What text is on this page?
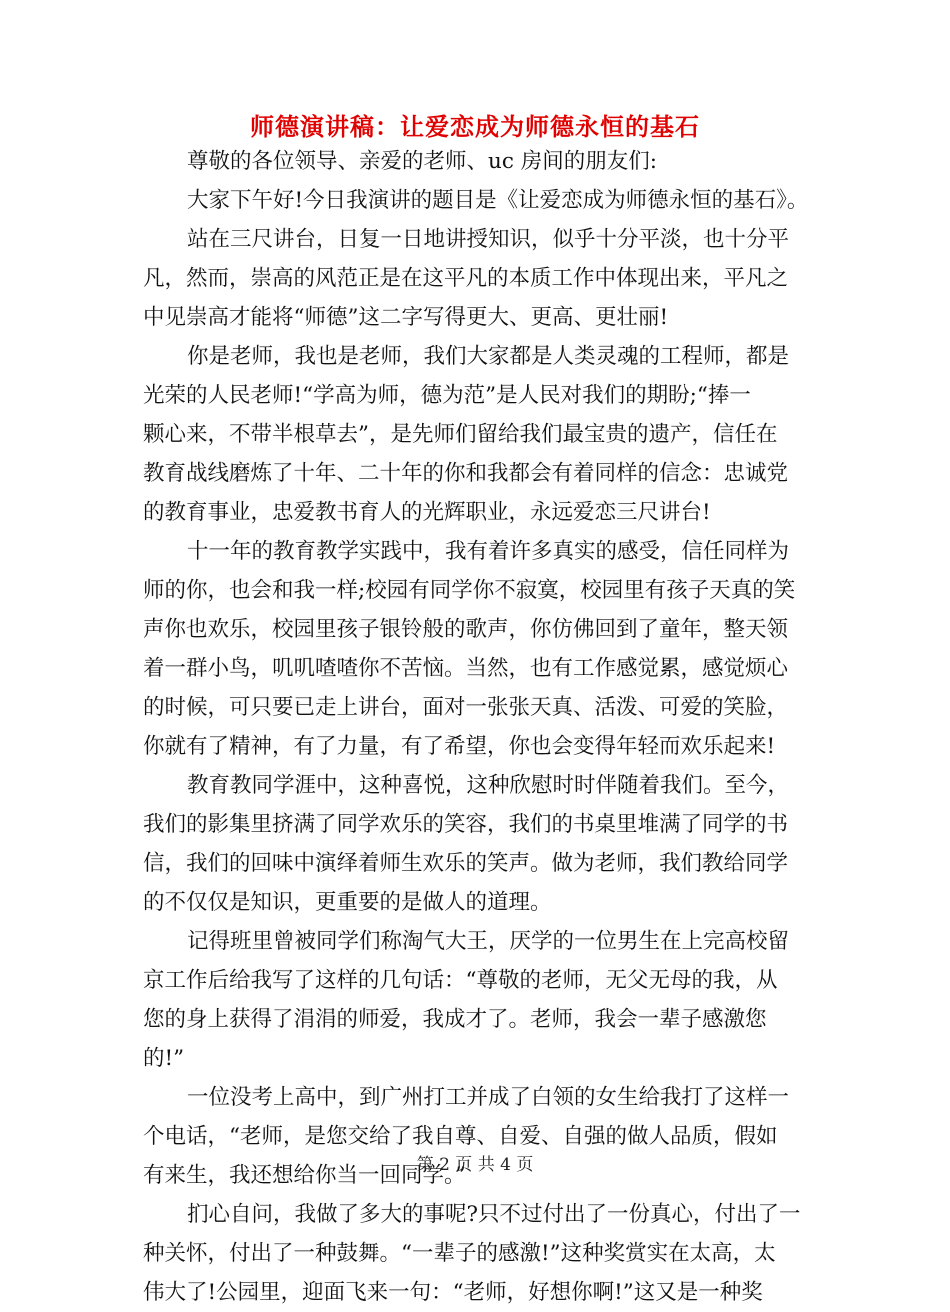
师德演讲稿：让爱恋成为师德永恒的基石
尊敬的各位领导、亲爱的老师、uc 房间的朋友们:
大家下午好!今日我演讲的题目是《让爱恋成为师德永恒的基石》。
站在三尺讲台，日复一日地讲授知识，似乎十分平淡，也十分平
凡，然而，崇高的风范正是在这平凡的本质工作中体现出来，平凡之
中见崇高才能将“师德”这二字写得更大、更高、更壮丽!
你是老师，我也是老师，我们大家都是人类灵魂的工程师，都是
光荣的人民老师!“学高为师，德为范”是人民对我们的期盼;“捧一
颗心来，不带半根草去”，是先师们留给我们最宝贵的遗产，信任在
教育战线磨炼了十年、二十年的你和我都会有着同样的信念：忠诚党
的教育事业，忠爱教书育人的光辉职业，永远爱恋三尺讲台!
十一年的教育教学实践中，我有着许多真实的感受，信任同样为
师的你，也会和我一样;校园有同学你不寂寞，校园里有孩子天真的笑
声你也欢乐，校园里孩子银铃般的歌声，你仿佛回到了童年，整天领
着一群小鸟，叽叽喳喳你不苦恼。当然，也有工作感觉累，感觉烦心
的时候，可只要已走上讲台，面对一张张天真、活泼、可爱的笑脸，
你就有了精神，有了力量，有了希望，你也会变得年轻而欢乐起来!
教育教同学涯中，这种喜悦，这种欣慰时时伴随着我们。至今，
我们的影集里挤满了同学欢乐的笑容，我们的书桌里堆满了同学的书
信，我们的回味中演绎着师生欢乐的笑声。做为老师，我们教给同学
的不仅仅是知识，更重要的是做人的道理。
记得班里曾被同学们称淘气大王，厌学的一位男生在上完高校留
京工作后给我写了这样的几句话：“尊敬的老师，无父无母的我，从
您的身上获得了涓涓的师爱，我成才了。老师，我会一辈子感激您
的!”
一位没考上高中，到广州打工并成了白领的女生给我打了这样一
个电话，“老师，是您交给了我自尊、自爱、自强的做人品质，假如
有来生，我还想给你当一回同学。”
扪心自问，我做了多大的事呢?只不过付出了一份真心，付出了一
种关怀，付出了一种鼓舞。“一辈子的感激!”这种奖赏实在太高，太
伟大了!公园里，迎面飞来一句：“老师，好想你啊!”这又是一种奖
第 2 页 共 4 页
